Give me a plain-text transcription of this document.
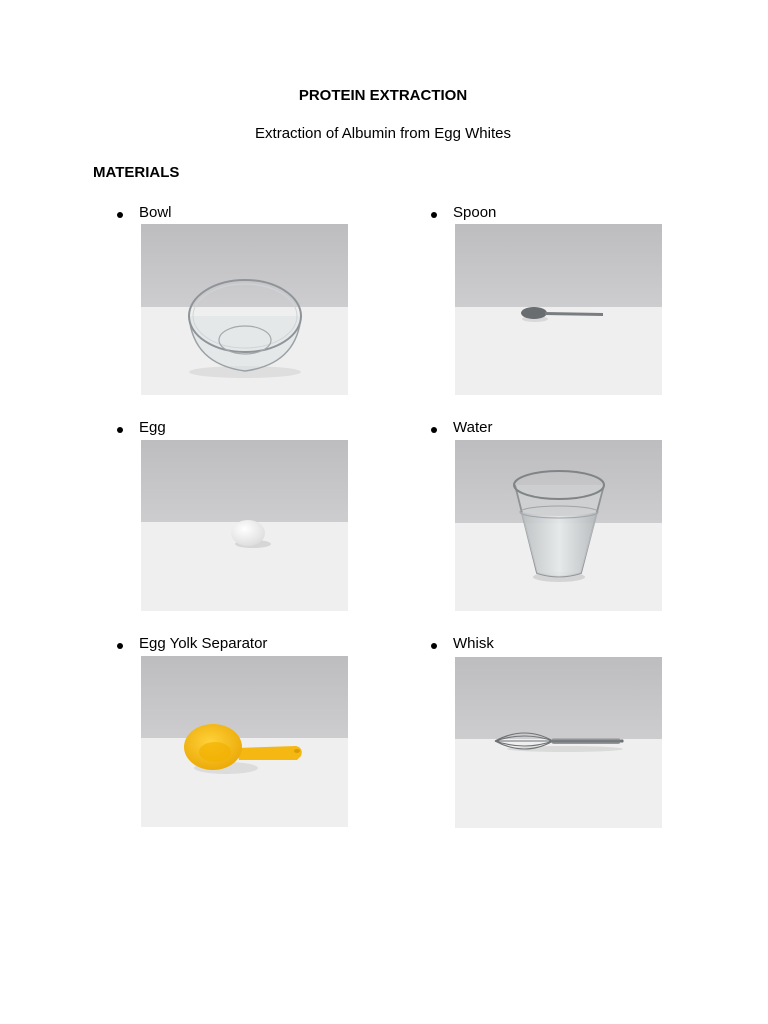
PROTEIN EXTRACTION
Extraction of Albumin from Egg Whites
MATERIALS
Bowl	Spoon
Egg	Water
Egg Yolk Separator	Whisk
